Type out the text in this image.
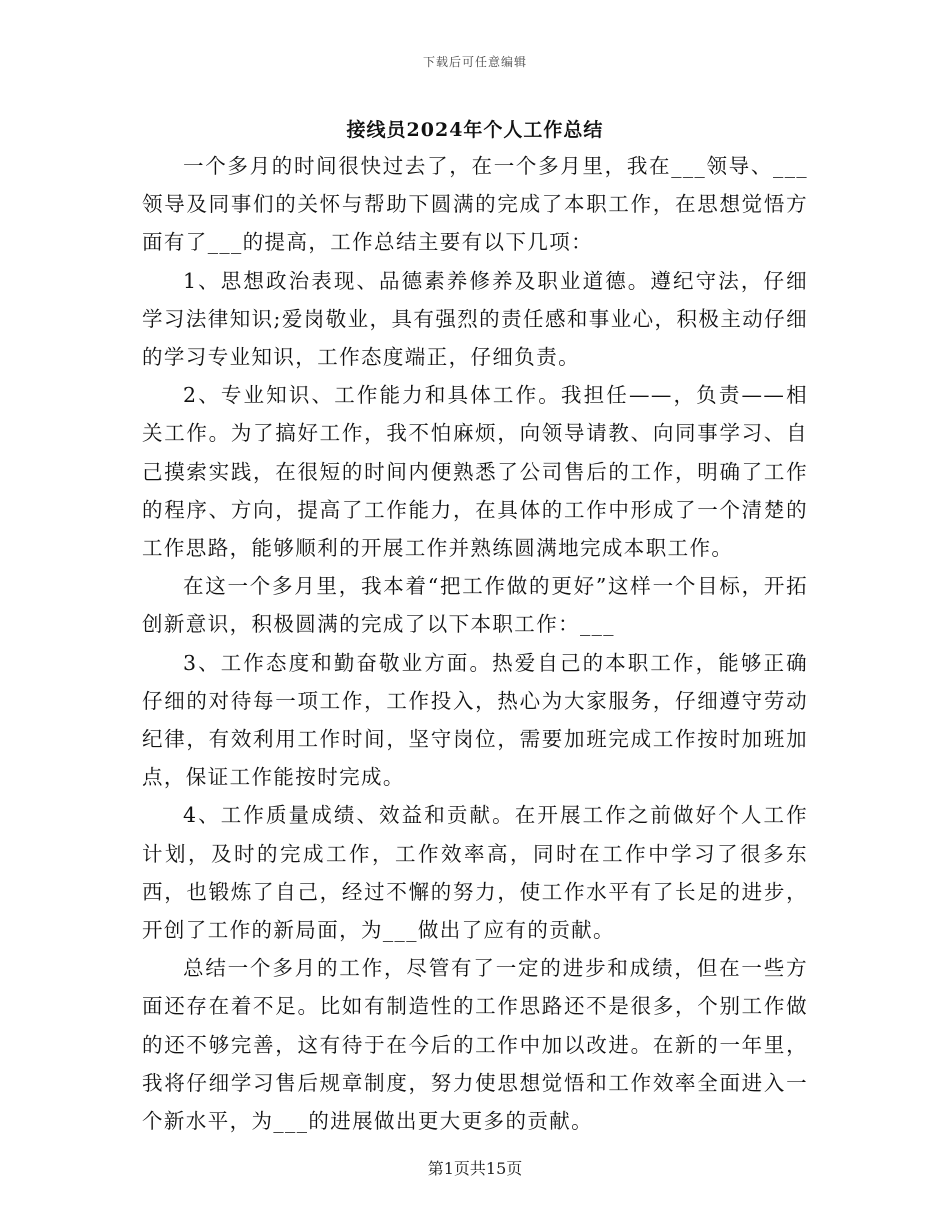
下载后可任意编辑
接线员2024年个人工作总结

一个多月的时间很快过去了，在一个多月里，我在___领导、___领导及同事们的关怀与帮助下圆满的完成了本职工作，在思想觉悟方面有了___的提高，工作总结主要有以下几项：

1、思想政治表现、品德素养修养及职业道德。遵纪守法，仔细学习法律知识;爱岗敬业，具有强烈的责任感和事业心，积极主动仔细的学习专业知识，工作态度端正，仔细负责。

2、专业知识、工作能力和具体工作。我担任——，负责——相关工作。为了搞好工作，我不怕麻烦，向领导请教、向同事学习、自己摸索实践，在很短的时间内便熟悉了公司售后的工作，明确了工作的程序、方向，提高了工作能力，在具体的工作中形成了一个清楚的工作思路，能够顺利的开展工作并熟练圆满地完成本职工作。

在这一个多月里，我本着“把工作做的更好”这样一个目标，开拓创新意识，积极圆满的完成了以下本职工作：___

3、工作态度和勤奋敬业方面。热爱自己的本职工作，能够正确仔细的对待每一项工作，工作投入，热心为大家服务，仔细遵守劳动纪律，有效利用工作时间，坚守岗位，需要加班完成工作按时加班加点，保证工作能按时完成。

4、工作质量成绩、效益和贡献。在开展工作之前做好个人工作计划，及时的完成工作，工作效率高，同时在工作中学习了很多东西，也锻炼了自己，经过不懈的努力，使工作水平有了长足的进步，开创了工作的新局面，为___做出了应有的贡献。

总结一个多月的工作，尽管有了一定的进步和成绩，但在一些方面还存在着不足。比如有制造性的工作思路还不是很多，个别工作做的还不够完善，这有待于在今后的工作中加以改进。在新的一年里，我将仔细学习售后规章制度，努力使思想觉悟和工作效率全面进入一个新水平，为___的进展做出更大更多的贡献。

第1页共15页
